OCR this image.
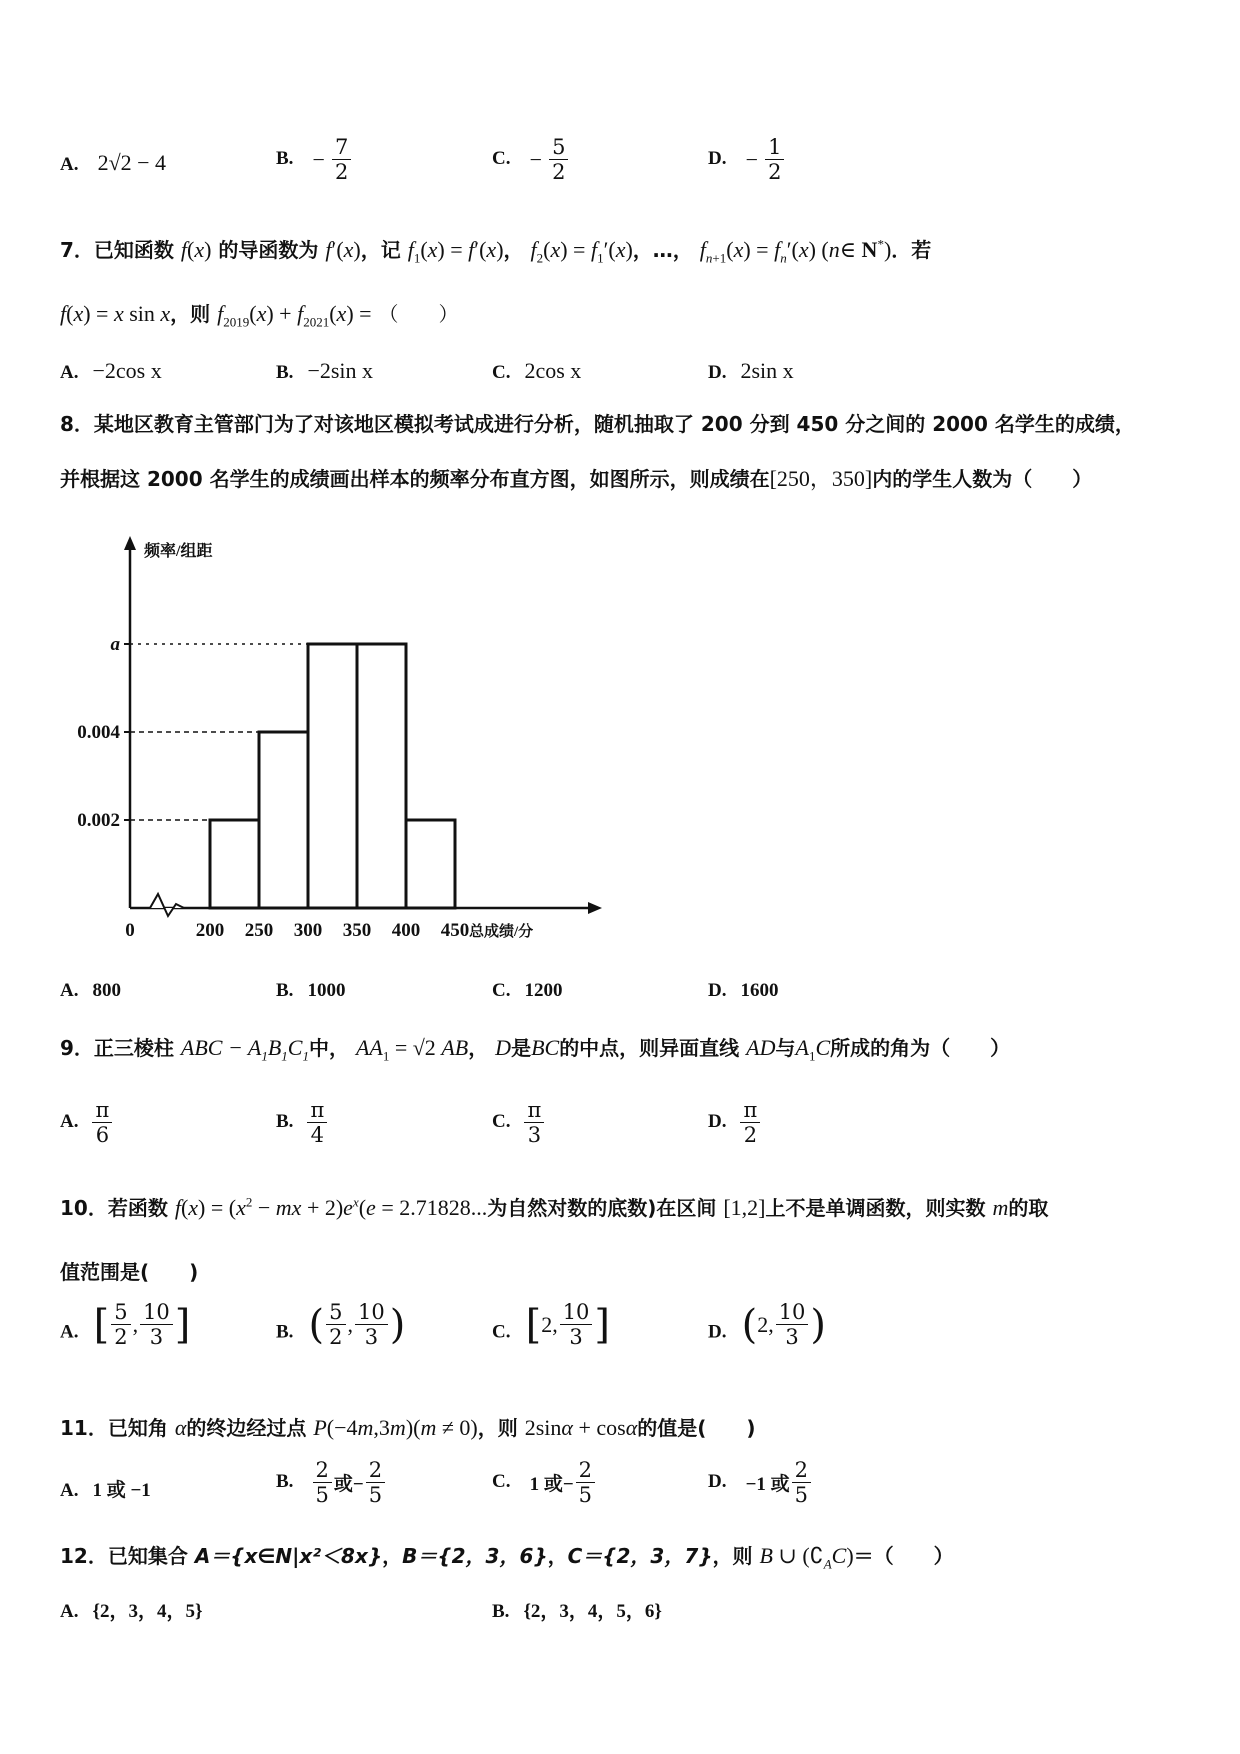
A. 2√2 − 4	B. − $\frac{7}{2}$	C. − $\frac{5}{2}$	D. − $\frac{1}{2}$
7．已知函数 f(x) 的导函数为 f′(x)，记 $f_1(x) = f'(x)$， $f_2(x) = f_1'(x)$，…， $f_{n+1}(x) = f_n'(x)$ (n∈ N*)．若
f(x) = x sin x，则 $f_{2019}(x) + f_{2021}(x)$ = （　　）
A. −2cos x	B. −2sin x	C. 2cos x	D. 2sin x
8．某地区教育主管部门为了对该地区模拟考试成进行分析，随机抽取了 200 分到 450 分之间的 2000 名学生的成绩，
并根据这 2000 名学生的成绩画出样本的频率分布直方图，如图所示，则成绩在[250，350]内的学生人数为（　　）
0.002
0.004
a
0	200 250 300 350 400 450
频率/组距
总成绩/分
A. 800	B. 1000	C. 1200	D. 1600
9．正三棱柱 ABC − $A_1B_1C_1$中， $AA_1 = √2$ AB， D是BC的中点，则异面直线 AD与$A_1C$所成的角为（　　）
A. $\frac{\pi}{6}$	B. $\frac{\pi}{4}$	C. $\frac{\pi}{3}$	D. $\frac{\pi}{2}$
10．若函数 $f(x) = (x^2$ − mx + $2)e^x(e = 2.71828$...为自然对数的底数)在区间 [1,2]上不是单调函数，则实数 m的取
值范围是(　　)
A. [ $\frac{5}{2}$ , $\frac{10}{3}$ ]	B. ( $\frac{5}{2}$ , $\frac{10}{3}$ )	C. [ 2 , $\frac{10}{3}$ ]	D. ( 2 , $\frac{10}{3}$ )
11．已知角 α的终边经过点 P(−4m,3m)(m ≠ 0)，则 2sinα + cosα的值是(　　)
A. 1 或 −1	B. $\frac{2}{5}$ 或− $\frac{2}{5}$	C. 1 或− $\frac{2}{5}$	D. −1 或 $\frac{2}{5}$
12．已知集合 A＝{x∈N|x²＜8x}，B＝{2，3，6}，C＝{2，3，7}，则 B ∪ $(∁_AC)=$（　　）
A. {2，3，4，5}	B. {2，3，4，5，6}
